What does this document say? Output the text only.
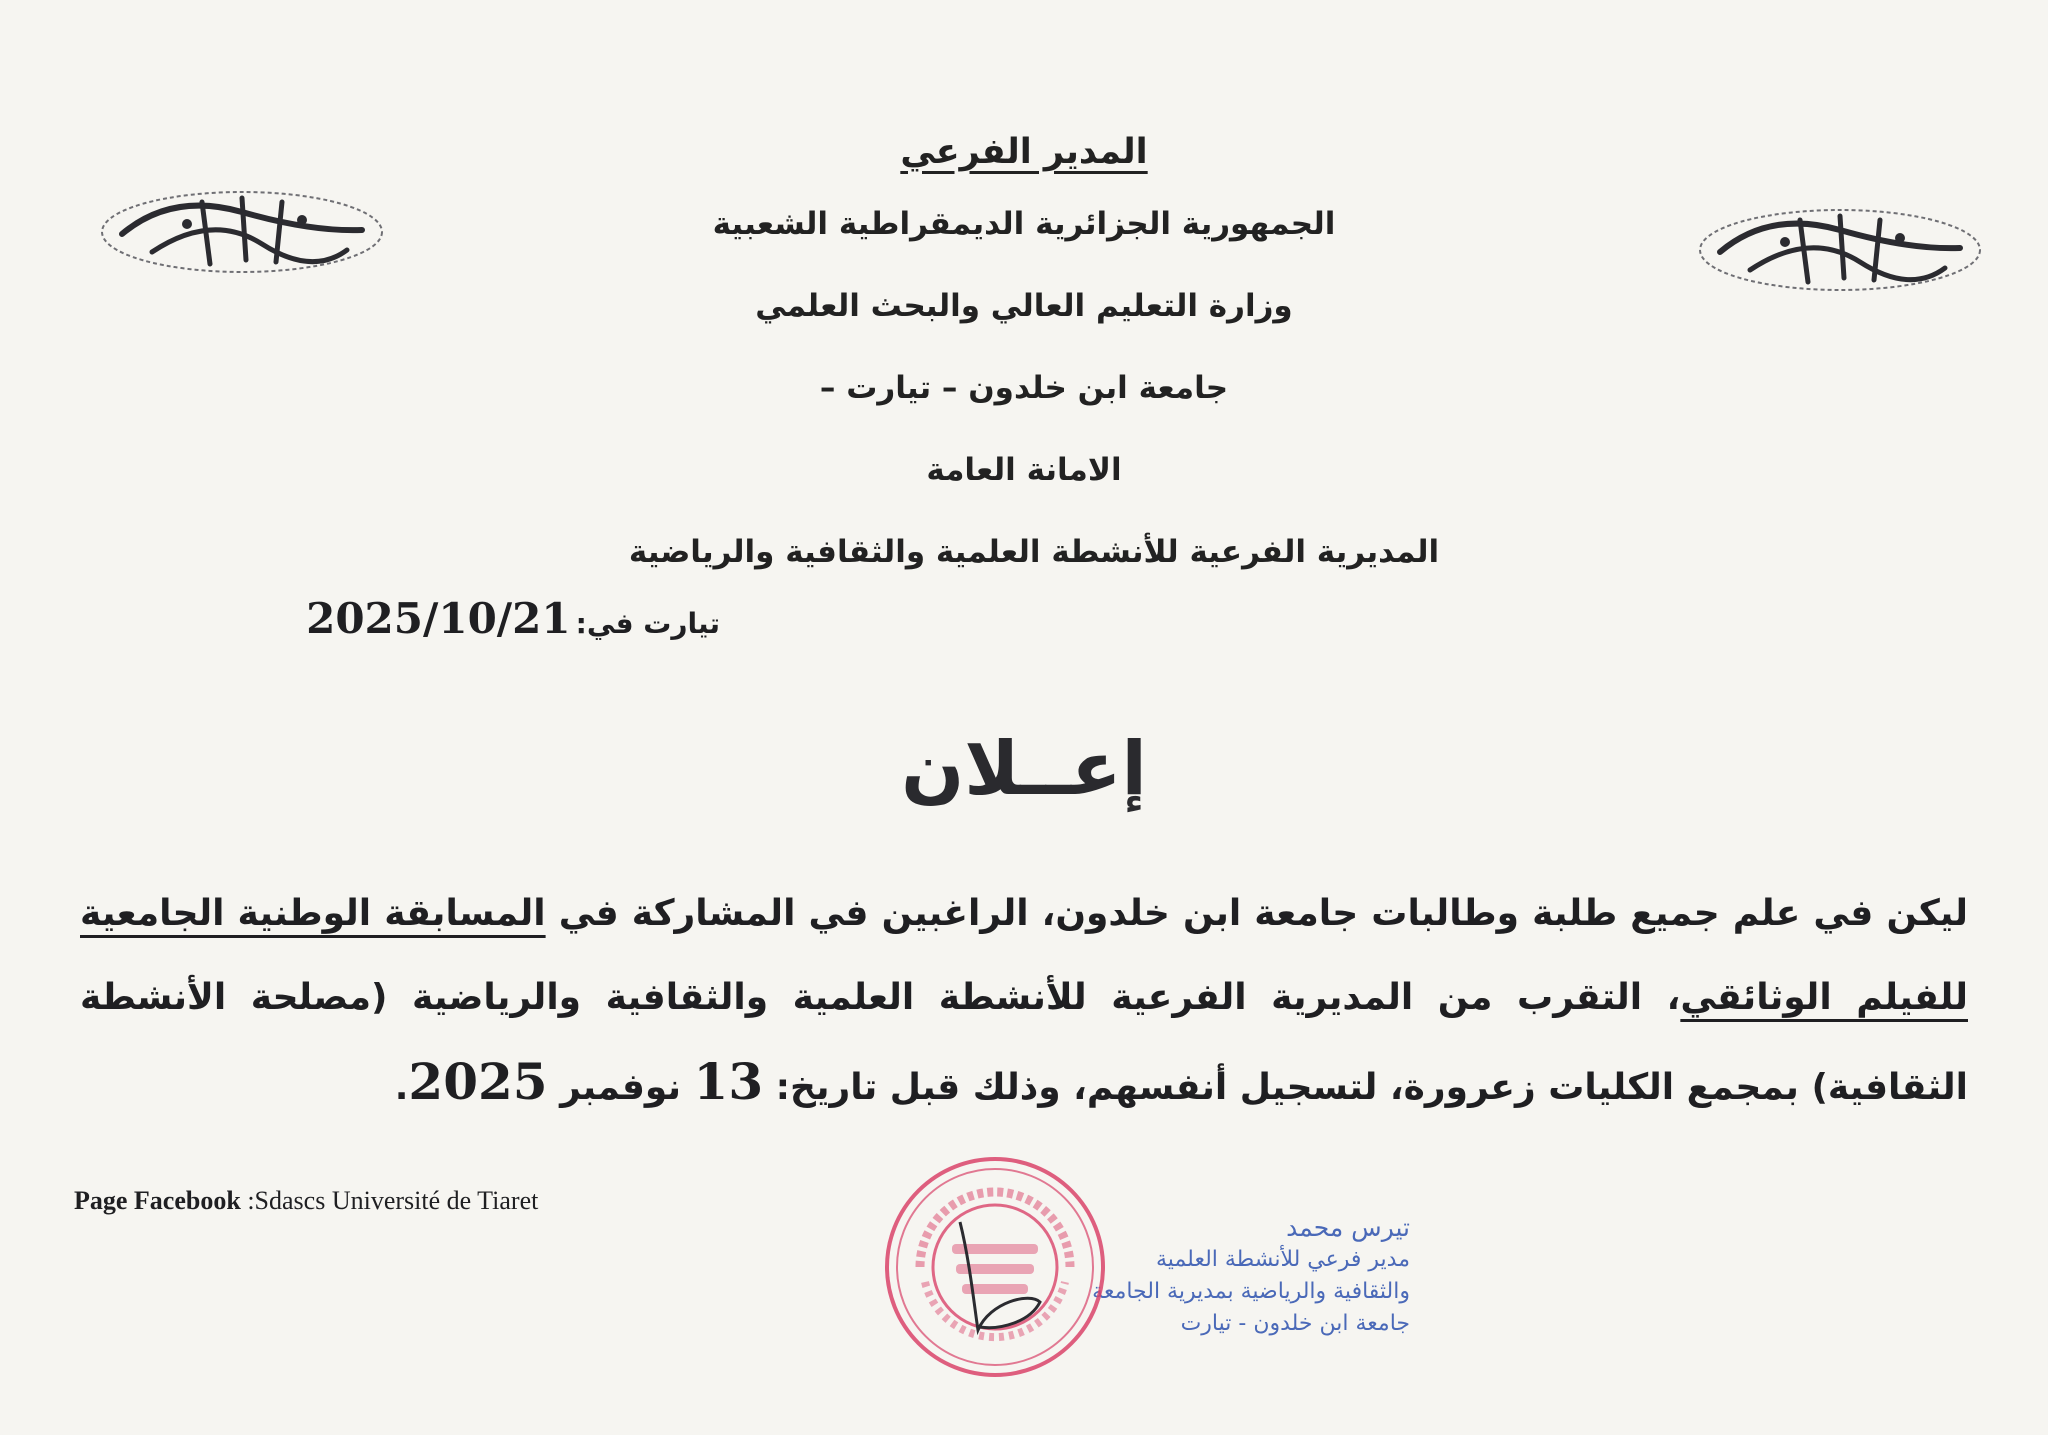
المدير الفرعي
الجمهورية الجزائرية الديمقراطية الشعبية
وزارة التعليم العالي والبحث العلمي
جامعة ابن خلدون – تيارت –
الامانة العامة
المديرية الفرعية للأنشطة العلمية والثقافية والرياضية
تيارت في: 2025/10/21
إعــلان
ليكن في علم جميع طلبة وطالبات جامعة ابن خلدون، الراغبين في المشاركة في المسابقة الوطنية الجامعية للفيلم الوثائقي، التقرب من المديرية الفرعية للأنشطة العلمية والثقافية والرياضية (مصلحة الأنشطة الثقافية) بمجمع الكليات زعرورة، لتسجيل أنفسهم، وذلك قبل تاريخ: 13 نوفمبر 2025.
Page Facebook :Sdascs Université de Tiaret
تيرس محمد
مدير فرعي للأنشطة العلمية
والثقافية والرياضية بمديرية الجامعة
جامعة ابن خلدون - تيارت
